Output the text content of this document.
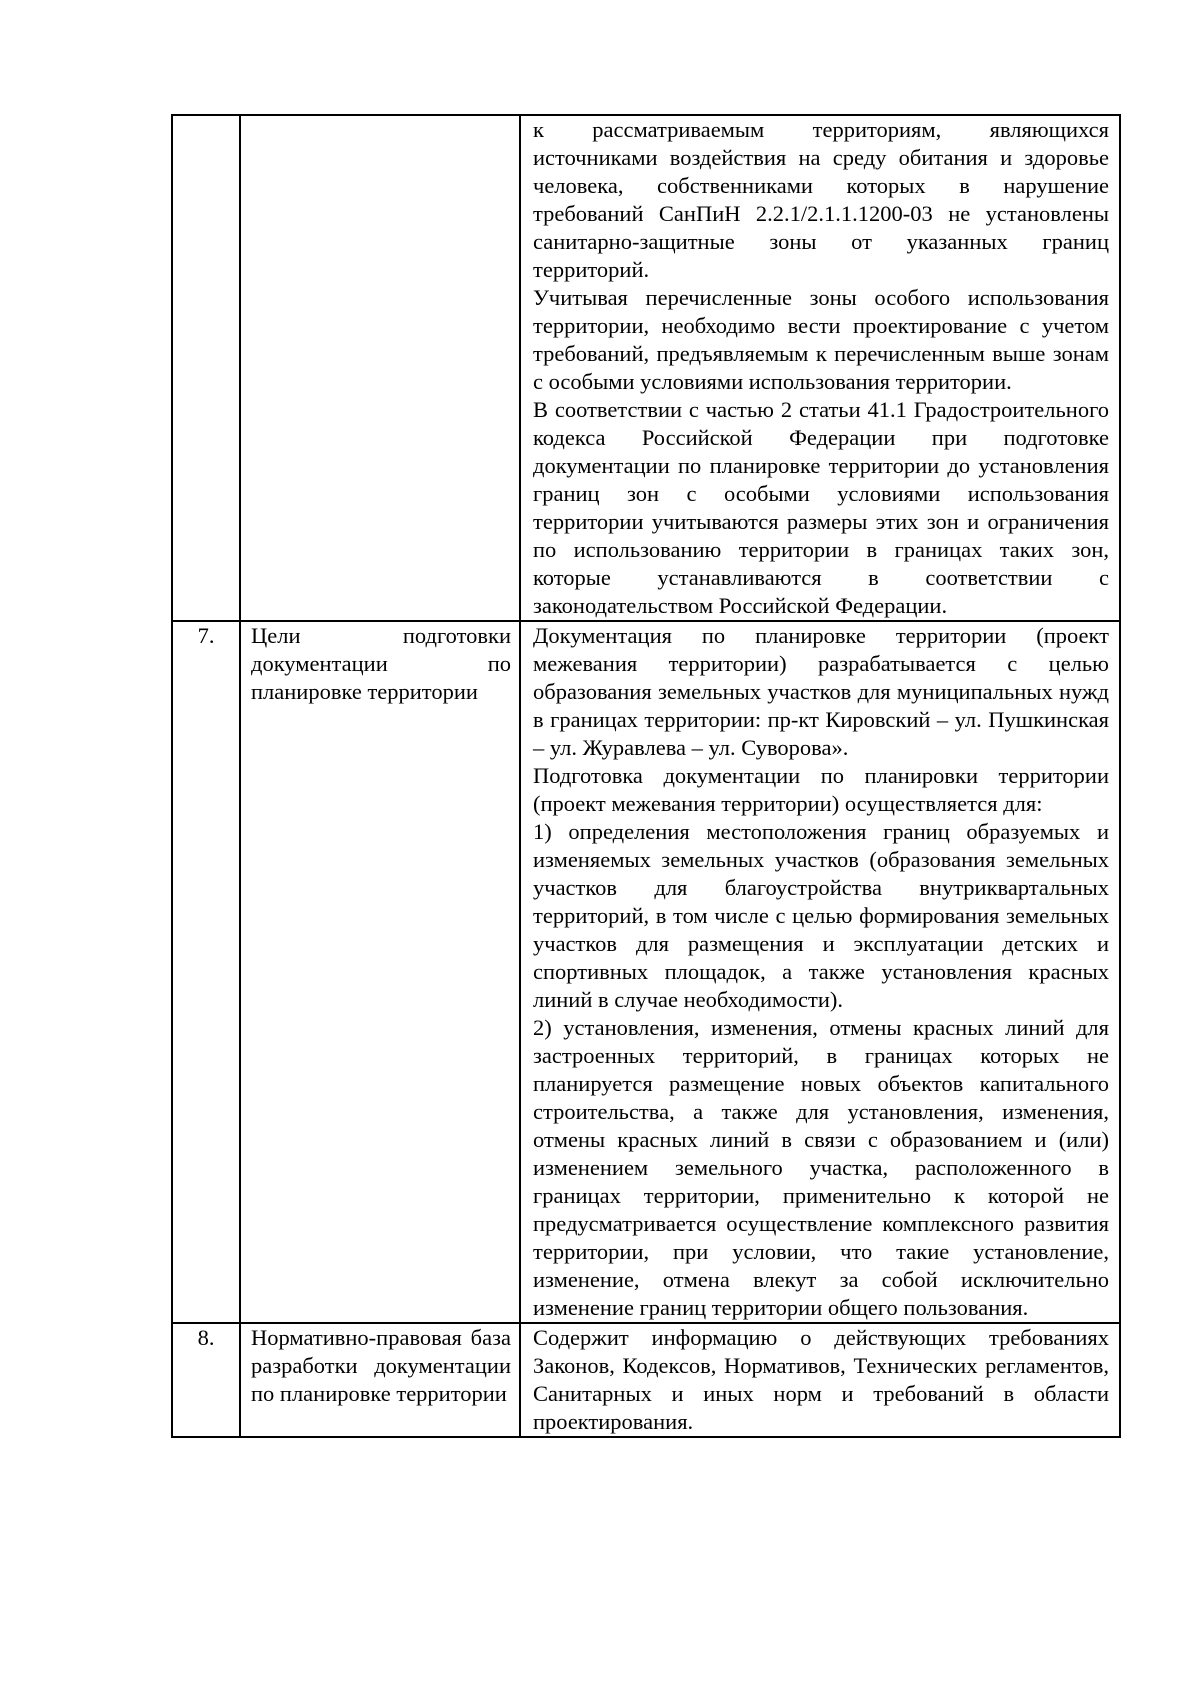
		к рассматриваемым территориям, являющихся источниками воздействия на среду обитания и здоровье человека, собственниками которых в нарушение требований СанПиН 2.2.1/2.1.1.1200-03 не установлены санитарно-защитные зоны от указанных границ территорий.

Учитывая перечисленные зоны особого использования территории, необходимо вести проектирование с учетом требований, предъявляемым к перечисленным выше зонам с особыми условиями использования территории.

В соответствии с частью 2 статьи 41.1 Градостроительного кодекса Российской Федерации при подготовке документации по планировке территории до установления границ зон с особыми условиями использования территории учитываются размеры этих зон и ограничения по использованию территории в границах таких зон, которые устанавливаются в соответствии с законодательством Российской Федерации.

7.	Цели подготовки документации по планировке территории	Документация по планировке территории (проект межевания территории) разрабатывается с целью образования земельных участков для муниципальных нужд в границах территории: пр-кт Кировский – ул. Пушкинская – ул. Журавлева – ул. Суворова».

Подготовка документации по планировки территории (проект межевания территории) осуществляется для:

1) определения местоположения границ образуемых и изменяемых земельных участков (образования земельных участков для благоустройства внутриквартальных территорий, в том числе с целью формирования земельных участков для размещения и эксплуатации детских и спортивных площадок, а также установления красных линий в случае необходимости).

2) установления, изменения, отмены красных линий для застроенных территорий, в границах которых не планируется размещение новых объектов капитального строительства, а также для установления, изменения, отмены красных линий в связи с образованием и (или) изменением земельного участка, расположенного в границах территории, применительно к которой не предусматривается осуществление комплексного развития территории, при условии, что такие установление, изменение, отмена влекут за собой исключительно изменение границ территории общего пользования.

8.	Нормативно-правовая база разработки документации по планировке территории	Содержит информацию о действующих требованиях Законов, Кодексов, Нормативов, Технических регламентов, Санитарных и иных норм и требований в области проектирования.
